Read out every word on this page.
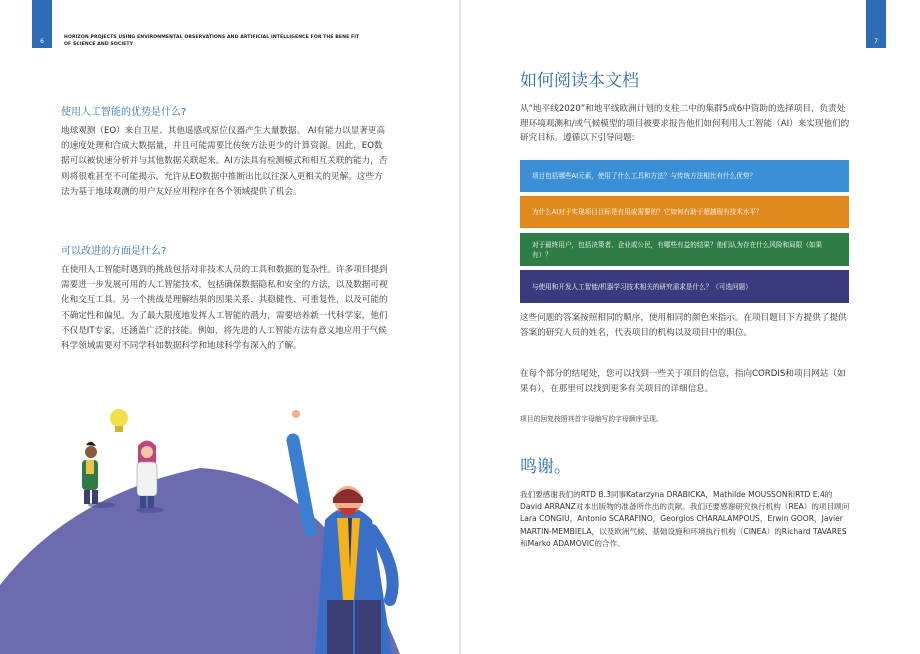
6
HORIZON PROJECTS USING ENVIRONMENTAL OBSERVATIONS AND ARTIFICIAL INTELLIGENCE FOR THE BENE FIT OF SCIENCE AND SOCIETY
使用人工智能的优势是什么?
地球观测（EO）来自卫星、其他遥感或原位仪器产生大量数据。 AI有能力以显著更高的速度处理和合成大数据量，并且可能需要比传统方法更少的计算资源。因此，EO数据可以被快速分析并与其他数据关联起来。AI方法具有检测模式和相互关联的能力，否则将很难甚至不可能揭示，允许从EO数据中推断出比以往深入更相关的见解。这些方法为基于地球观测的用户友好应用程序在各个领域提供了机会。
可以改进的方面是什么?
在使用人工智能时遇到的挑战包括对非技术人员的工具和数据的复杂性。许多项目提到需要进一步发展可用的人工智能技术，包括确保数据隐私和安全的方法，以及数据可视化和交互工具。另一个挑战是理解结果的因果关系、其稳健性、可重复性，以及可能的不确定性和偏见。为了最大限度地发挥人工智能的潜力，需要培养新一代科学家，他们不仅是IT专家，还涵盖广泛的技能。例如，将先进的人工智能方法有意义地应用于气候科学领域需要对不同学科如数据科学和地球科学有深入的了解。
7
如何阅读本文档
从“地平线2020”和地平线欧洲计划的支柱二中的集群5或6中资助的选择项目，负责处理环境观测和/或气候模型的项目被要求报告他们如何利用人工智能（AI）来实现他们的研究目标。遵循以下引导问题:
项目包括哪些AI元素，使用了什么工具和方法？与传统方法相比有什么优势？
为什么AI对于实现项目目标是有用或需要的？它如何有助于超越现有技术水平？
对于最终用户，包括决策者、企业或公民，有哪些有益的结果？他们认为存在什么风险和局限（如果有）？
与使用和开发人工智能/机器学习技术相关的研究需求是什么？（可选问题）
这些问题的答案按照相同的顺序，使用相同的颜色来指示。在项目题目下方提供了提供答案的研究人员的姓名，代表项目的机构以及项目中的职位。
在每个部分的结尾处，您可以找到一些关于项目的信息，指向CORDIS和项目网站（如果有），在那里可以找到更多有关项目的详细信息。
项目的回复按照其首字母缩写的字母顺序呈现。
鸣谢。
我们要感谢我们的RTD B.3同事Katarzyna DRABICKA，Mathilde MOUSSON和RTD E.4的David ARRANZ对本出版物的准备所作出的贡献。我们还要感谢研究执行机构（REA）的项目顾问Lara CONGIU，Antonio SCARAFINO，Georgios CHARALAMPOUS，Erwin GOOR，Javier MARTIN-MEMBIELA，以及欧洲气候、基础设施和环境执行机构（CINEA）的Richard TAVARES和Marko ADAMOVIC的合作。
